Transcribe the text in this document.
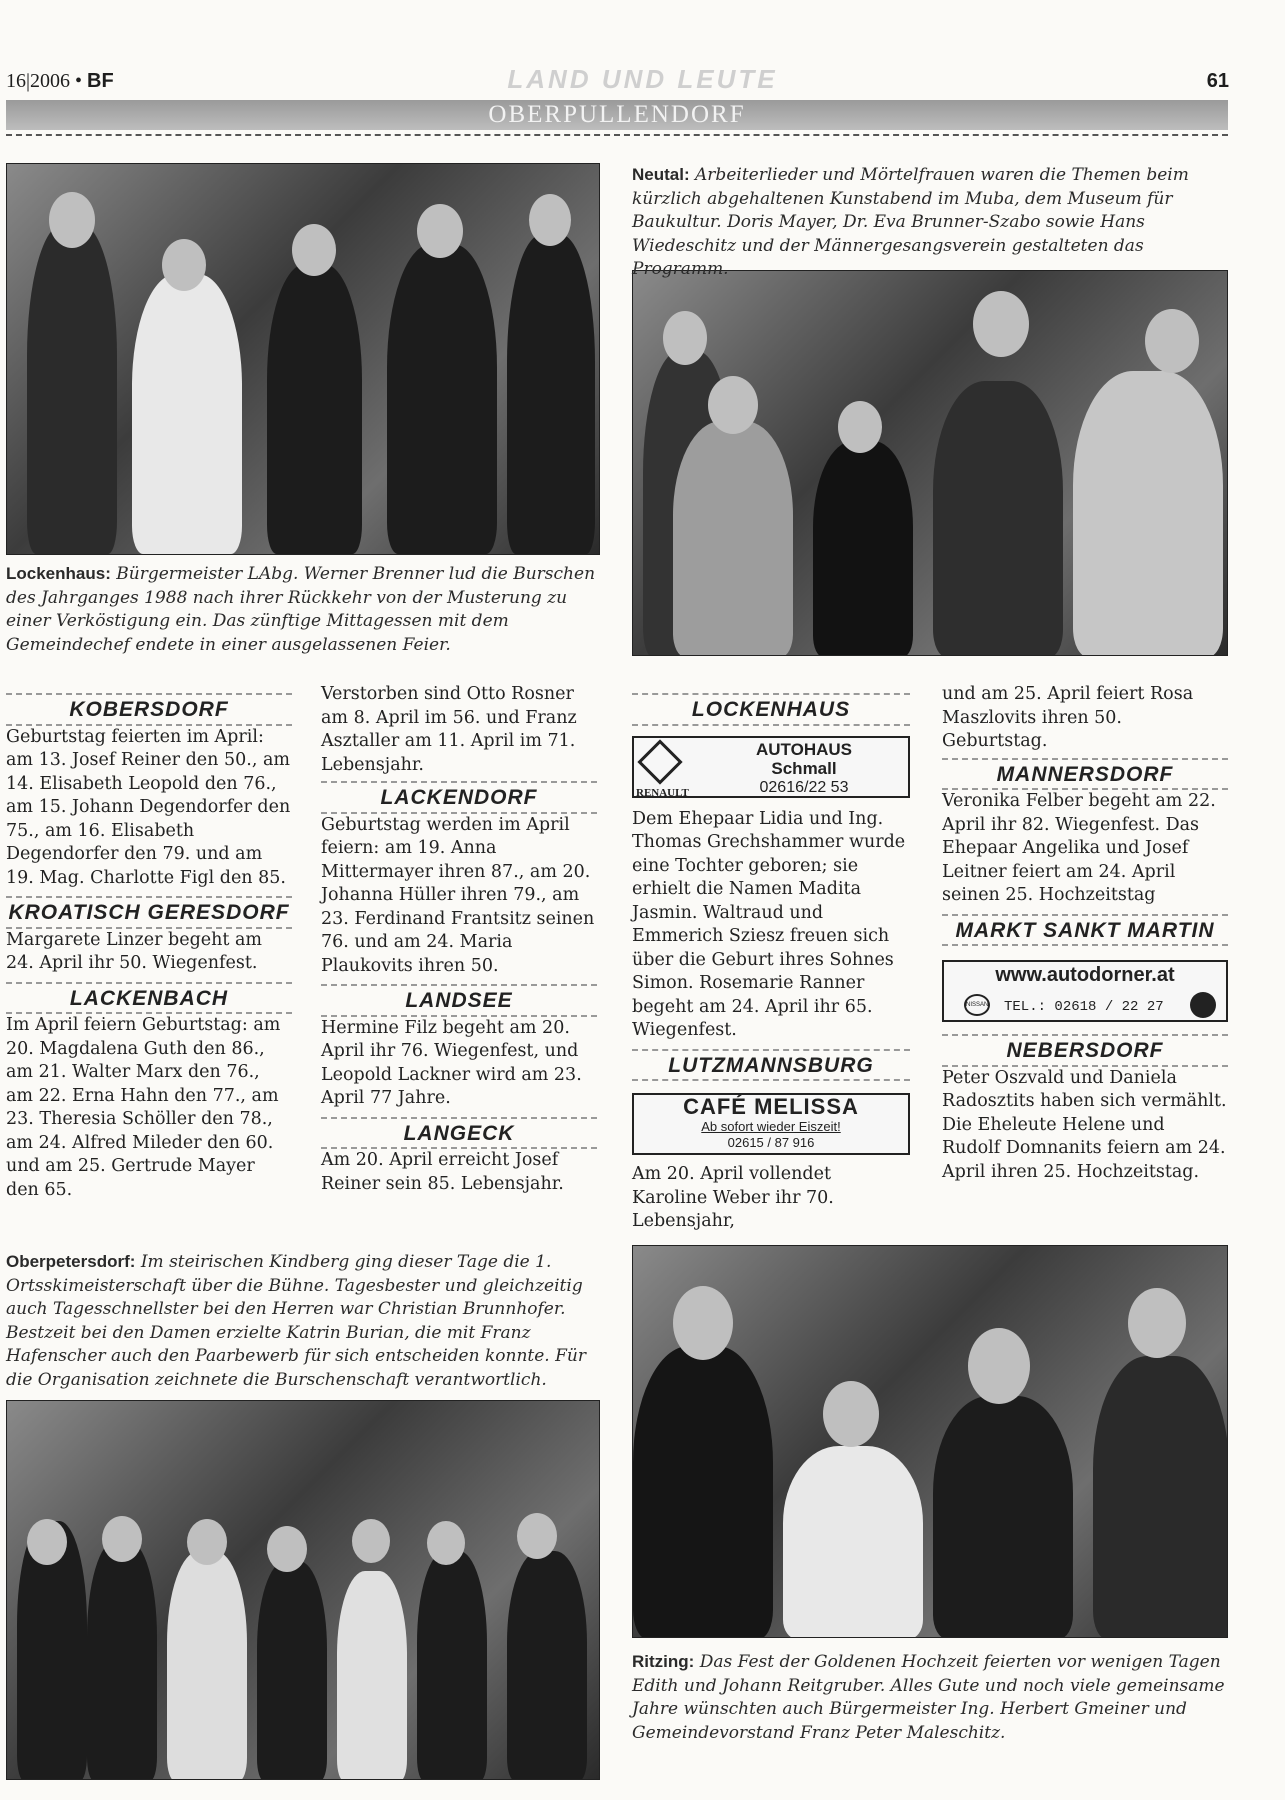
16|2006 • BF	LAND UND LEUTE	61
OBERPULLENDORF
Neutal: Arbeiterlieder und Mörtelfrauen waren die Themen beim kürzlich abgehaltenen Kunstabend im Muba, dem Museum für Baukultur. Doris Mayer, Dr. Eva Brunner-Szabo sowie Hans Wiedeschitz und der Männergesangsverein gestalteten das Programm.
Lockenhaus: Bürgermeister LAbg. Werner Brenner lud die Burschen des Jahrganges 1988 nach ihrer Rückkehr von der Musterung zu einer Verköstigung ein. Das zünftige Mittagessen mit dem Gemeindechef endete in einer ausgelassenen Feier.
KOBERSDORF

Geburtstag feierten im April: am 13. Josef Reiner den 50., am 14. Elisabeth Leopold den 76., am 15. Johann Degendorfer den 75., am 16. Elisabeth Degendorfer den 79. und am 19. Mag. Charlotte Figl den 85.

KROATISCH GERESDORF

Margarete Linzer begeht am 24. April ihr 50. Wiegenfest.

LACKENBACH

Im April feiern Geburtstag: am 20. Magdalena Guth den 86., am 21. Walter Marx den 76., am 22. Erna Hahn den 77., am 23. Theresia Schöller den 78., am 24. Alfred Mileder den 60. und am 25. Gertrude Mayer den 65.

Verstorben sind Otto Rosner am 8. April im 56. und Franz Asztaller am 11. April im 71. Lebensjahr.

LACKENDORF

Geburtstag werden im April feiern: am 19. Anna Mittermayer ihren 87., am 20. Johanna Hüller ihren 79., am 23. Ferdinand Frantsitz seinen 76. und am 24. Maria Plaukovits ihren 50.

LANDSEE

Hermine Filz begeht am 20. April ihr 76. Wiegenfest, und Leopold Lackner wird am 23. April 77 Jahre.

LANGECK

Am 20. April erreicht Josef Reiner sein 85. Lebensjahr.

LOCKENHAUS
RENAULT
AUTOHAUS
Schmall
02616/22 53

Dem Ehepaar Lidia und Ing. Thomas Grechshammer wurde eine Tochter geboren; sie erhielt die Namen Madita Jasmin. Waltraud und Emmerich Sziesz freuen sich über die Geburt ihres Sohnes Simon. Rosemarie Ranner begeht am 24. April ihr 65. Wiegenfest.

LUTZMANNSBURG
CAFÉ MELISSA
Ab sofort wieder Eiszeit!
02615 / 87 916

Am 20. April vollendet Karoline Weber ihr 70. Lebensjahr,

und am 25. April feiert Rosa Maszlovits ihren 50. Geburtstag.

MANNERSDORF

Veronika Felber begeht am 22. April ihr 82. Wiegenfest. Das Ehepaar Angelika und Josef Leitner feiert am 24. April seinen 25. Hochzeitstag

MARKT SANKT MARTIN
www.autodorner.at
NISSAN TEL.: 02618 / 22 27
NEBERSDORF

Peter Oszvald und Daniela Radosztits haben sich vermählt. Die Eheleute Helene und Rudolf Domnanits feiern am 24. April ihren 25. Hochzeitstag.

Oberpetersdorf: Im steirischen Kindberg ging dieser Tage die 1. Ortsskimeisterschaft über die Bühne. Tagesbester und gleichzeitig auch Tagesschnellster bei den Herren war Christian Brunnhofer. Bestzeit bei den Damen erzielte Katrin Burian, die mit Franz Hafenscher auch den Paarbewerb für sich entscheiden konnte. Für die Organisation zeichnete die Burschenschaft verantwortlich.
Ritzing: Das Fest der Goldenen Hochzeit feierten vor wenigen Tagen Edith und Johann Reitgruber. Alles Gute und noch viele gemeinsame Jahre wünschten auch Bürgermeister Ing. Herbert Gmeiner und Gemeindevorstand Franz Peter Maleschitz.
